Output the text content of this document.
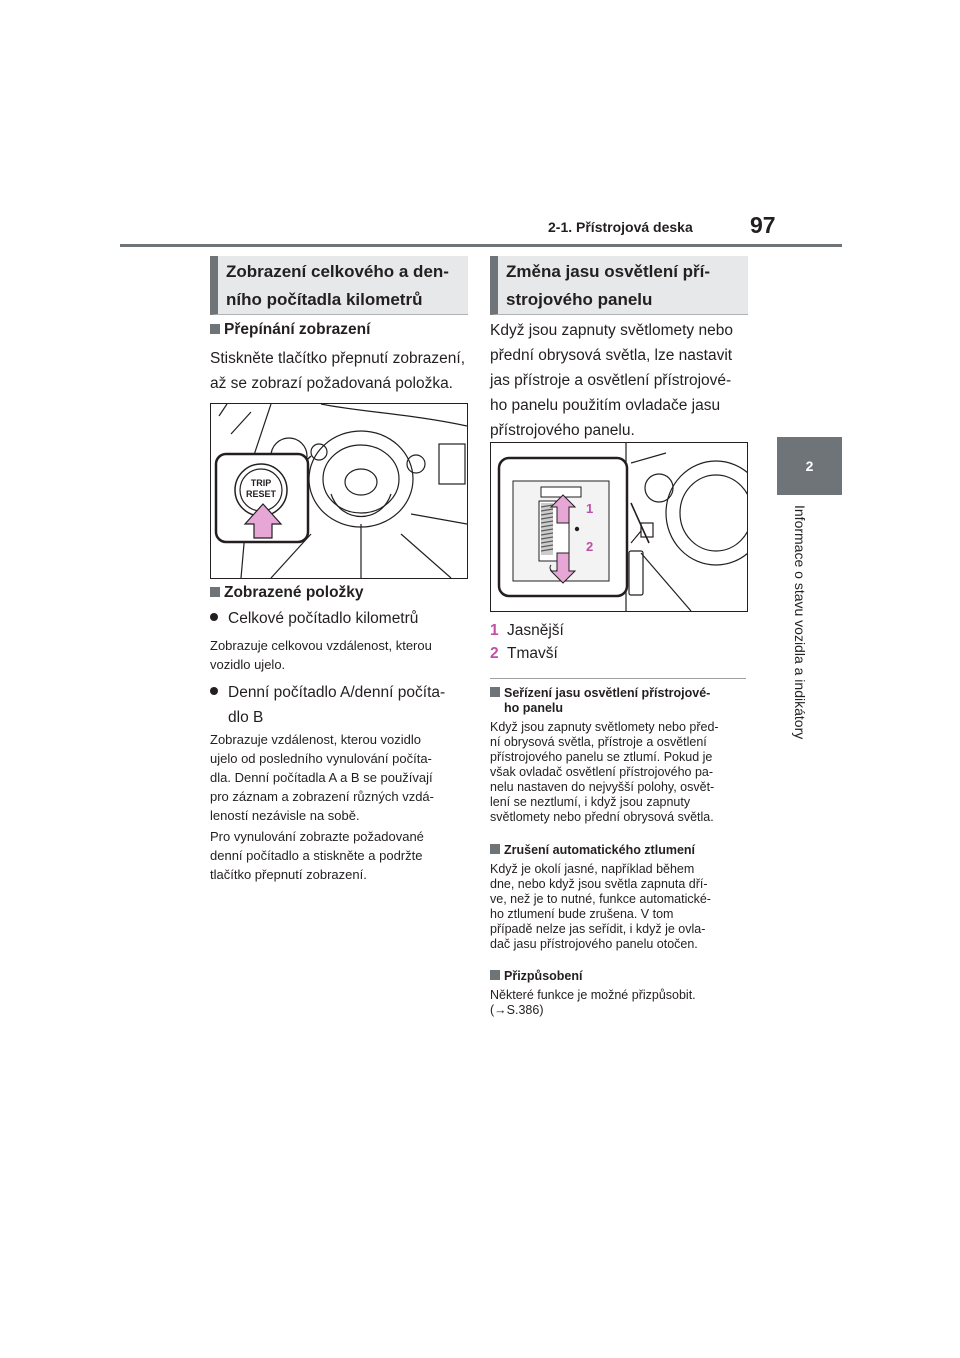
2-1. Přístrojová deska 97
2
Informace o stavu vozidla a indikátory
Zobrazení celkového a den-
ního počítadla kilometrů
Přepínání zobrazení
Stiskněte tlačítko přepnutí zobrazení,
až se zobrazí požadovaná položka.
TRIP
RESET
Zobrazené položky
Celkové počítadlo kilometrů
Zobrazuje celkovou vzdálenost, kterou
vozidlo ujelo.
Denní počítadlo A/denní počíta-
dlo B
Zobrazuje vzdálenost, kterou vozidlo
ujelo od posledního vynulování počíta-
dla. Denní počítadla A a B se používají
pro záznam a zobrazení různých vzdá-
leností nezávisle na sobě.
Pro vynulování zobrazte požadované
denní počítadlo a stiskněte a podržte
tlačítko přepnutí zobrazení.
Změna jasu osvětlení pří-
strojového panelu
Když jsou zapnuty světlomety nebo
přední obrysová světla, lze nastavit
jas přístroje a osvětlení přístrojové-
ho panelu použitím ovladače jasu
přístrojového panelu.
1
2
1 Jasnější
2 Tmavší
Seřízení jasu osvětlení přístrojové-
ho panelu
Když jsou zapnuty světlomety nebo před-
ní obrysová světla, přístroje a osvětlení
přístrojového panelu se ztlumí. Pokud je
však ovladač osvětlení přístrojového pa-
nelu nastaven do nejvyšší polohy, osvět-
lení se neztlumí, i když jsou zapnuty
světlomety nebo přední obrysová světla.
Zrušení automatického ztlumení
Když je okolí jasné, například během
dne, nebo když jsou světla zapnuta dří-
ve, než je to nutné, funkce automatické-
ho ztlumení bude zrušena. V tom
případě nelze jas seřídit, i když je ovla-
dač jasu přístrojového panelu otočen.
Přizpůsobení
Některé funkce je možné přizpůsobit.
(→S.386)
